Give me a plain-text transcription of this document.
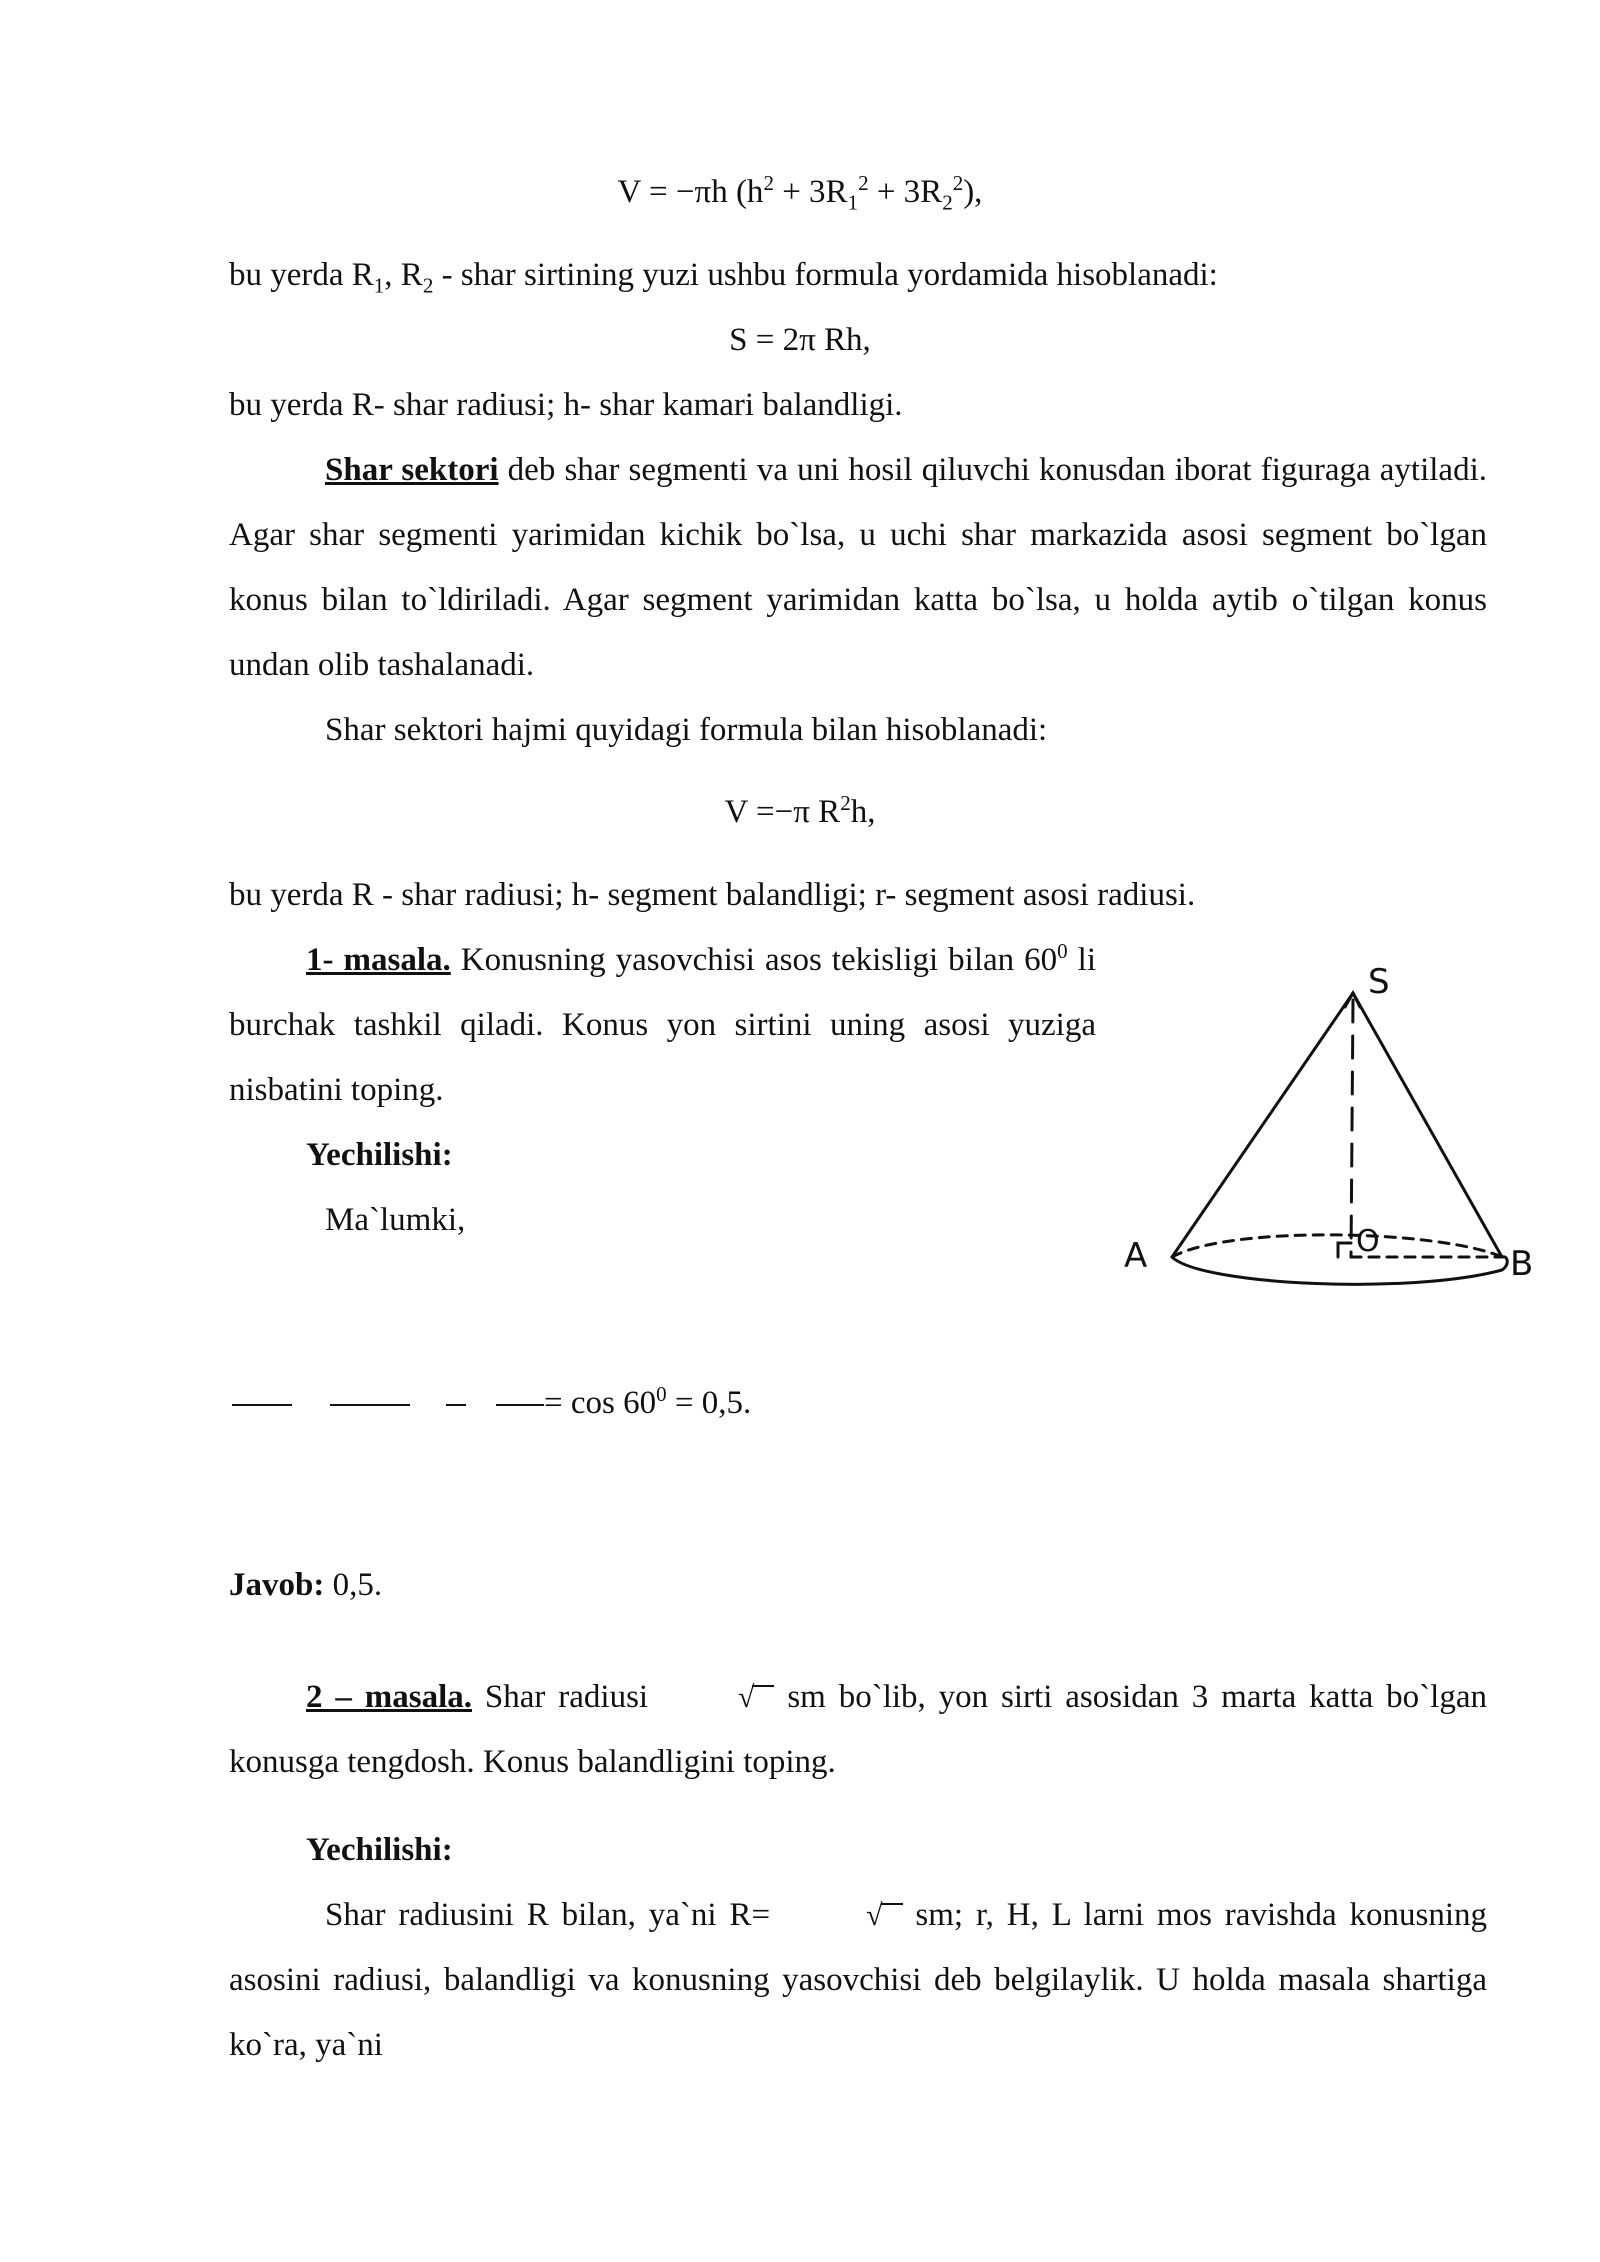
V = −πh $(h^2 + 3R_1^2 + 3R_2^2)$,
bu yerda $R_1$, $R_2$ - shar sirtining yuzi ushbu formula yordamida hisoblanadi:
S = 2π Rh,
bu yerda R- shar radiusi; h- shar kamari balandligi.
Shar sektori deb shar segmenti va uni hosil qiluvchi konusdan iborat figuraga aytiladi. Agar shar segmenti yarimidan kichik bo`lsa, u uchi shar markazida asosi segment bo`lgan konus bilan to`ldiriladi. Agar segment yarimidan katta bo`lsa, u holda aytib o`tilgan konus undan olib tashalanadi.
Shar sektori hajmi quyidagi formula bilan hisoblanadi:
V =−π $R^2h$,
bu yerda R - shar radiusi; h- segment balandligi; r- segment asosi radiusi.
1- masala. Konusning yasovchisi asos tekisligi bilan $60^0$ li burchak tashkil qiladi. Konus yon sirtini uning asosi yuziga nisbatini toping.
Yechilishi:
Ma`lumki,
= $\cos 60^0 = 0,5$.
Javob: 0,5.
S
A	B
O
2 – masala. Shar radiusi	√ sm bo`lib, yon sirti asosidan 3 marta katta bo`lgan konusga tengdosh. Konus balandligini toping.
Yechilishi:
Shar radiusini R bilan, ya`ni R=	√ sm; r, H, L larni mos ravishda konusning asosini radiusi, balandligi va konusning yasovchisi deb belgilaylik. U holda masala shartiga ko`ra, ya`ni
